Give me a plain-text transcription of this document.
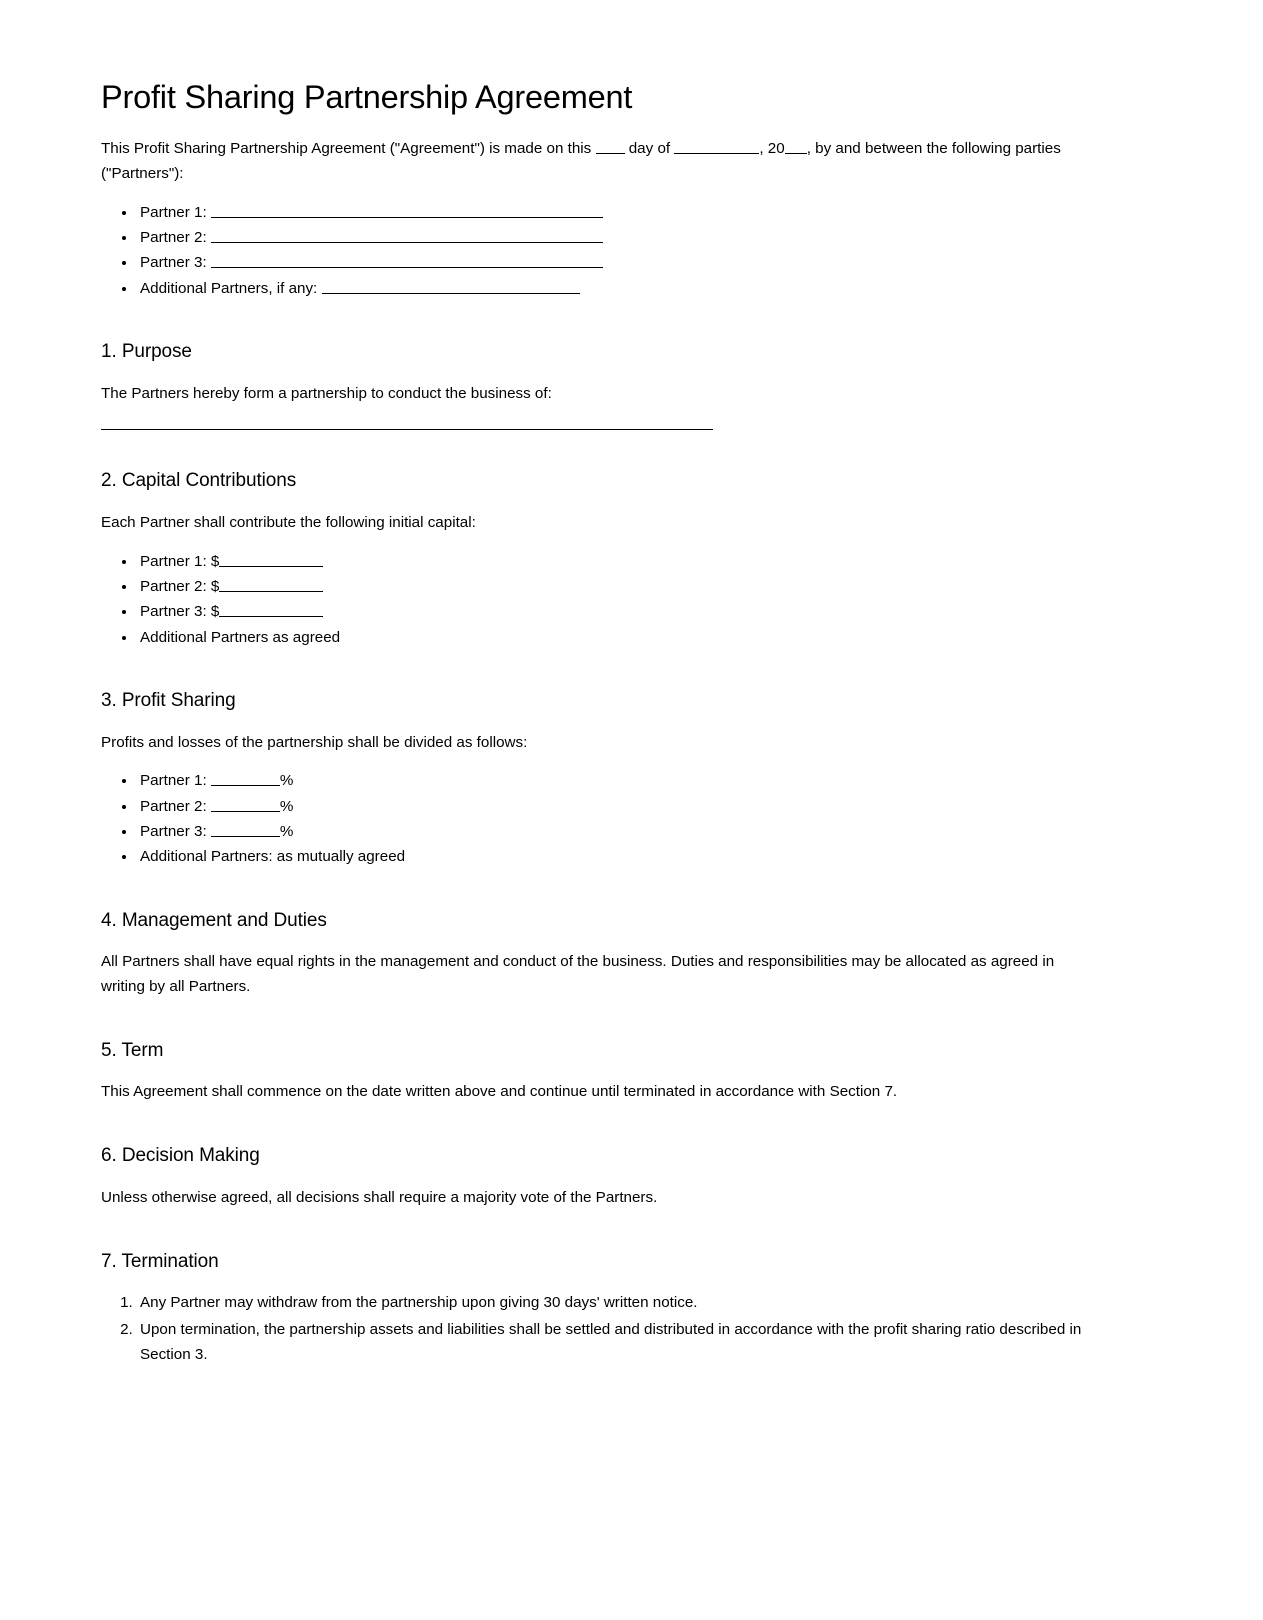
Profit Sharing Partnership Agreement

This Profit Sharing Partnership Agreement ("Agreement") is made on this day of	, 20 , by and between the following parties ("Partners"):

• Partner 1:
• Partner 2:
• Partner 3:
• Additional Partners, if any:
1. Purpose

The Partners hereby form a partnership to conduct the business of:

2. Capital Contributions

Each Partner shall contribute the following initial capital:

• Partner 1: $
• Partner 2: $
• Partner 3: $
• Additional Partners as agreed
3. Profit Sharing

Profits and losses of the partnership shall be divided as follows:

• Partner 1:	%
• Partner 2:	%
• Partner 3:	%
• Additional Partners: as mutually agreed
4. Management and Duties

All Partners shall have equal rights in the management and conduct of the business. Duties and responsibilities may be allocated as agreed in writing by all Partners.

5. Term

This Agreement shall commence on the date written above and continue until terminated in accordance with Section 7.

6. Decision Making

Unless otherwise agreed, all decisions shall require a majority vote of the Partners.

7. Termination
1. Any Partner may withdraw from the partnership upon giving 30 days' written notice.
2. Upon termination, the partnership assets and liabilities shall be settled and distributed in accordance with the profit sharing ratio described in Section 3.
